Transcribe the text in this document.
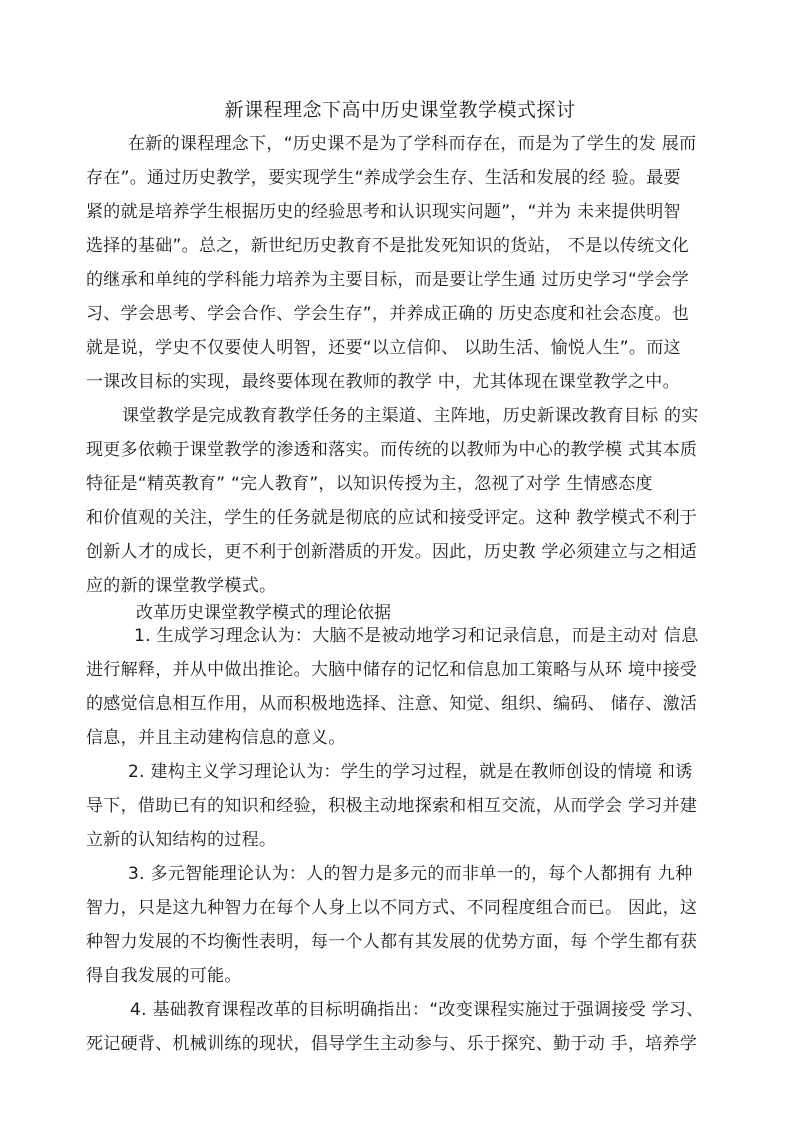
新课程理念下高中历史课堂教学模式探讨
在新的课程理念下，“历史课不是为了学科而存在，而是为了学生的发 展而
存在”。通过历史教学，要实现学生“养成学会生存、生活和发展的经 验。最要
紧的就是培养学生根据历史的经验思考和认识现实问题”，“并为 未来提供明智
选择的基础”。总之，新世纪历史教育不是批发死知识的货站， 不是以传统文化
的继承和单纯的学科能力培养为主要目标，而是要让学生通 过历史学习“学会学
习、学会思考、学会合作、学会生存”，并养成正确的 历史态度和社会态度。也
就是说，学史不仅要使人明智，还要“以立信仰、 以助生活、愉悦人生”。而这
一课改目标的实现，最终要体现在教师的教学 中，尤其体现在课堂教学之中。
课堂教学是完成教育教学任务的主渠道、主阵地，历史新课改教育目标 的实
现更多依赖于课堂教学的渗透和落实。而传统的以教师为中心的教学模 式其本质
特征是“精英教育” “完人教育”，以知识传授为主，忽视了对学 生情感态度
和价值观的关注，学生的任务就是彻底的应试和接受评定。这种 教学模式不利于
创新人才的成长，更不利于创新潜质的开发。因此，历史教 学必须建立与之相适
应的新的课堂教学模式。
改革历史课堂教学模式的理论依据
1. 生成学习理念认为：大脑不是被动地学习和记录信息，而是主动对 信息
进行解释，并从中做出推论。大脑中储存的记忆和信息加工策略与从环 境中接受
的感觉信息相互作用，从而积极地选择、注意、知觉、组织、编码、 储存、激活
信息，并且主动建构信息的意义。
2. 建构主义学习理论认为：学生的学习过程，就是在教师创设的情境 和诱
导下，借助已有的知识和经验，积极主动地探索和相互交流，从而学会 学习并建
立新的认知结构的过程。
3. 多元智能理论认为：人的智力是多元的而非单一的，每个人都拥有 九种
智力，只是这九种智力在每个人身上以不同方式、不同程度组合而已。 因此，这
种智力发展的不均衡性表明，每一个人都有其发展的优势方面，每 个学生都有获
得自我发展的可能。
4. 基础教育课程改革的目标明确指出：“改变课程实施过于强调接受 学习、
死记硬背、机械训练的现状，倡导学生主动参与、乐于探究、勤于动 手，培养学
